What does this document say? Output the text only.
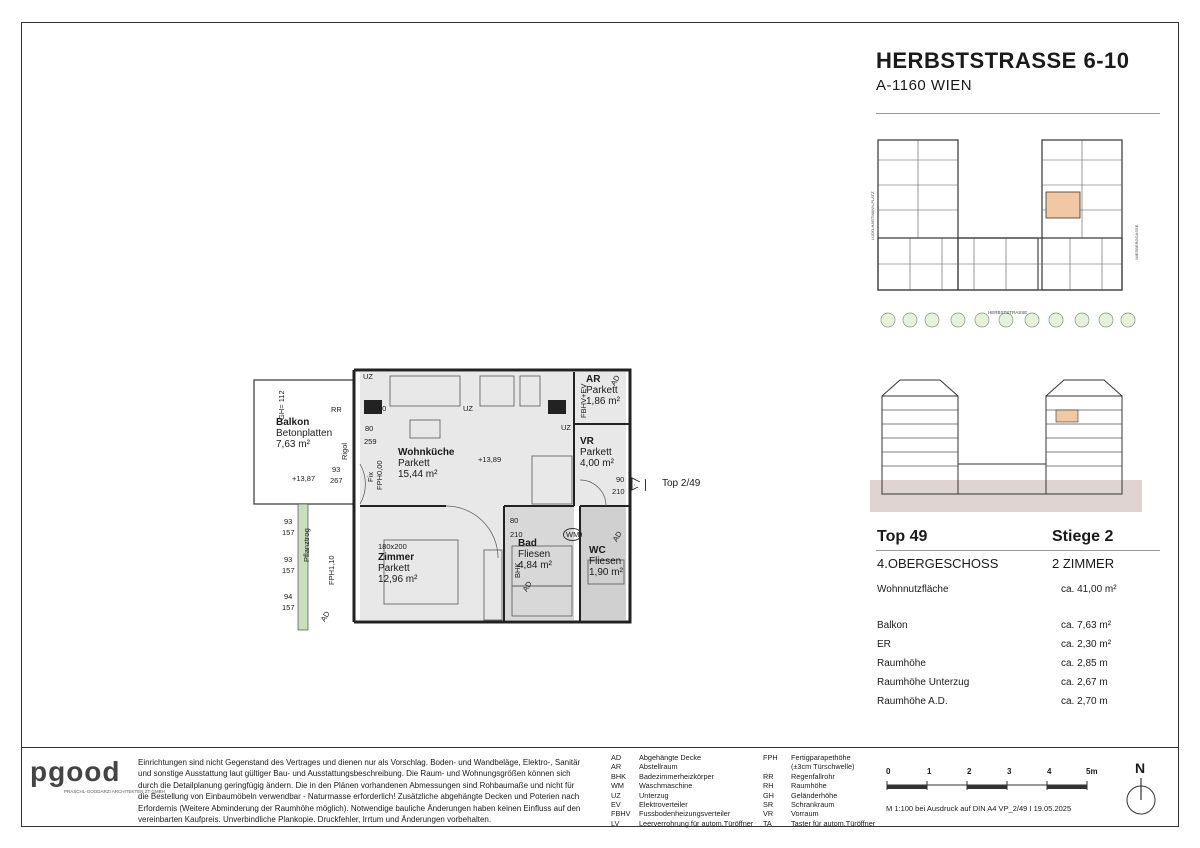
HERBSTSTRASSE 6-10
A-1160 WIEN
HERBSTSTRASSE
LUDO-HARTMANN-PLATZ
WIESBERGGASSE
Top 49	Stiege 2
4.OBERGESCHOSS	2 ZIMMER
Wohnnutzfläche	ca. 41,00 m²
Balkon	ca. 7,63 m²
ER	ca. 2,30 m²
Raumhöhe	ca. 2,85 m
Raumhöhe Unterzug	ca. 2,67 m
Raumhöhe A.D.	ca. 2,70 m
Top 2/49
Balkon
Betonplatten
7,63 m²
Wohnküche
Parkett
15,44 m²
AR
Parkett
1,86 m²
VR
Parkett
4,00 m²
Zimmer
Parkett
12,96 m²
Bad
Fliesen
4,84 m²
WC
Fliesen
1,90 m²
UZ
UZ
UZ
RR
GH= 112
Rigol
Fix FPH0,00
FPH1,10
Pflanztrog
FBHV+EV
BHK
WM
80
80
259
93
267
+13,89
+13,87
180x200
80
210
90
210
93
157
93
157
94
157
AD
AD
AD
AD
pgood
PRASCHL-GOODARZI ARCHITEKTEN ZT GMBH
Einrichtungen sind nicht Gegenstand des Vertrages und dienen nur als Vorschlag. Boden- und Wandbeläge, Elektro-, Sanitär
und sonstige Ausstattung laut gültiger Bau- und Ausstattungsbeschreibung. Die Raum- und Wohnungsgrößen können sich
durch die Detailplanung geringfügig ändern. Die in den Plänen vorhandenen Abmessungen sind Rohbaumaße und nicht für
die Bestellung von Einbaumöbeln verwendbar - Naturmasse erforderlich! Zusätzliche abgehängte Decken und Poterien nach
Erfordernis (Weitere Abminderung der Raumhöhe möglich). Notwendige bauliche Änderungen haben keinen Einfluss auf den
vereinbarten Kaufpreis. Unverbindliche Plankopie. Druckfehler, Irrtum und Änderungen vorbehalten.
AD Abgehängte Decke
AR Abstellraum
BHK Badezimmerheizkörper
WM Waschmaschine
UZ	Unterzug
EV	Elektroverteiler
FBHV Fussbodenheizungsverteiler
LV	Leerverrohrung für autom.Türöffner
FPH Fertigparapethöhe
(±3cm Türschwelle)
RR Regenfallrohr
RH Raumhöhe
GH Geländerhöhe
SR Schrankraum
VR Vorraum
TA	Taster für autom.Türöffner
0	1	2	3	4	5m
M 1:100 bei Ausdruck auf DIN A4 VP_2/49 I 19.05.2025
N
